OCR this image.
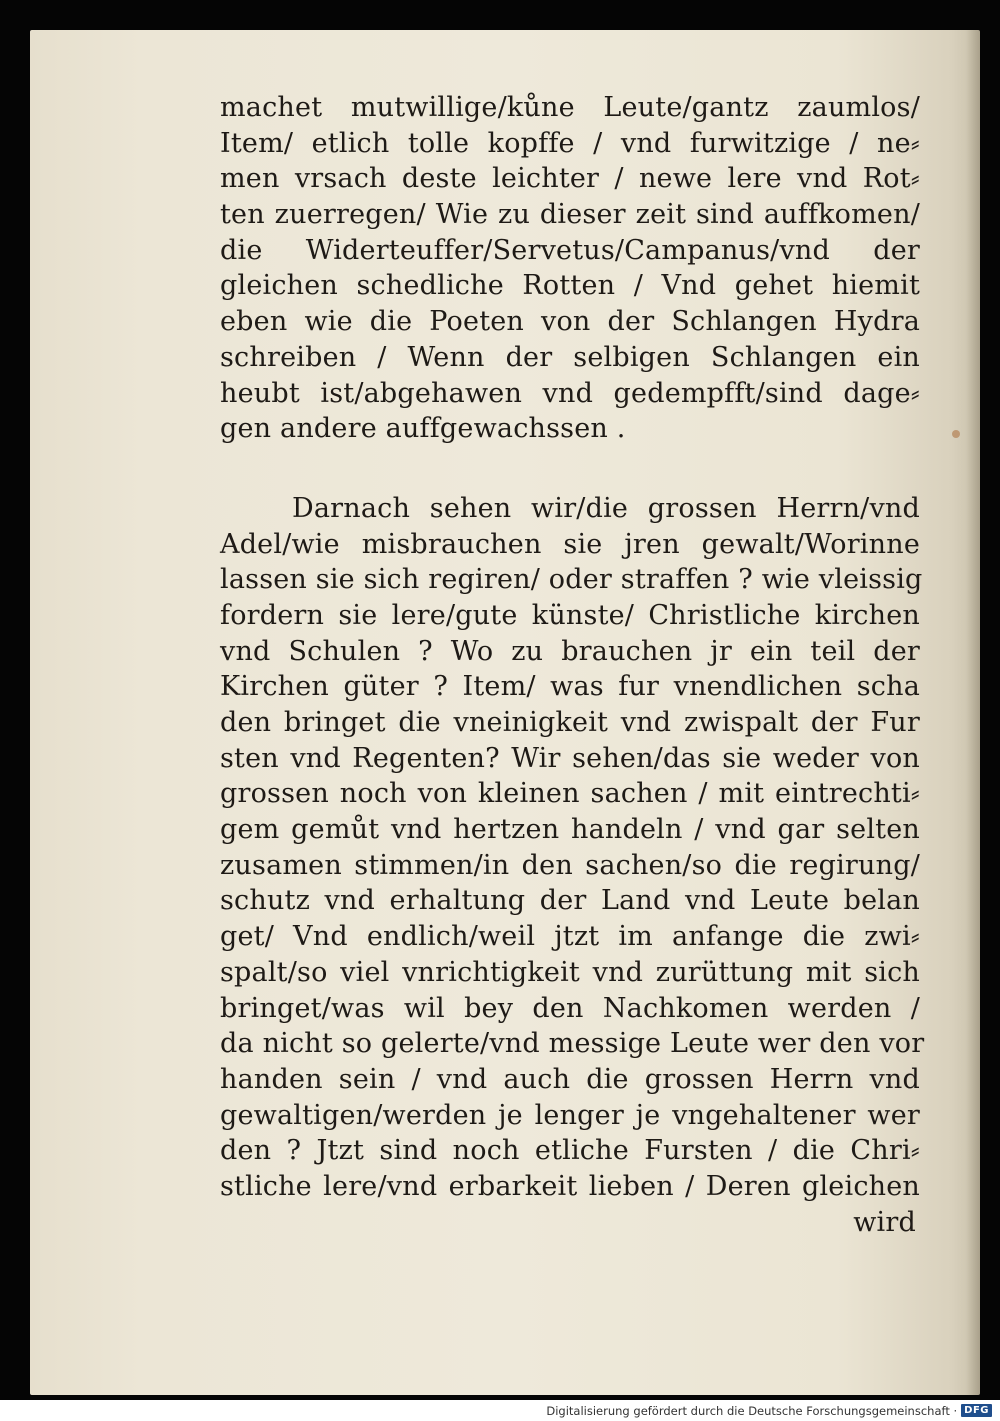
machet mutwillige/kůne Leute/gantz zaumlos/
Item/ etlich tolle kopffe / vnd furwitzige / ne⸗
men vrsach deste leichter / newe lere vnd Rot⸗
ten zuerregen/ Wie zu dieser zeit sind auffkomen/
die Widerteuffer/Servetus/Campanus/vnd der
gleichen schedliche Rotten / Vnd gehet hiemit
eben wie die Poeten von der Schlangen Hydra
schreiben / Wenn der selbigen Schlangen ein
heubt ist/abgehawen vnd gedempfft/sind dage⸗
gen andere auffgewachssen .
Darnach sehen wir/die grossen Herrn/vnd
Adel/wie misbrauchen sie jren gewalt/Worinne
lassen sie sich regiren/ oder straffen ? wie vleissig
fordern sie lere/gute künste/ Christliche kirchen
vnd Schulen ? Wo zu brauchen jr ein teil der
Kirchen güter ? Item/ was fur vnendlichen scha
den bringet die vneinigkeit vnd zwispalt der Fur
sten vnd Regenten? Wir sehen/das sie weder von
grossen noch von kleinen sachen / mit eintrechti⸗
gem gemůt vnd hertzen handeln / vnd gar selten
zusamen stimmen/in den sachen/so die regirung/
schutz vnd erhaltung der Land vnd Leute belan
get/ Vnd endlich/weil jtzt im anfange die zwi⸗
spalt/so viel vnrichtigkeit vnd zurüttung mit sich
bringet/was wil bey den Nachkomen werden /
da nicht so gelerte/vnd messige Leute wer den vor
handen sein / vnd auch die grossen Herrn vnd
gewaltigen/werden je lenger je vngehaltener wer
den ? Jtzt sind noch etliche Fursten / die Chri⸗
stliche lere/vnd erbarkeit lieben / Deren gleichen
wird
Digitalisierung gefördert durch die Deutsche Forschungsgemeinschaft · DFG
